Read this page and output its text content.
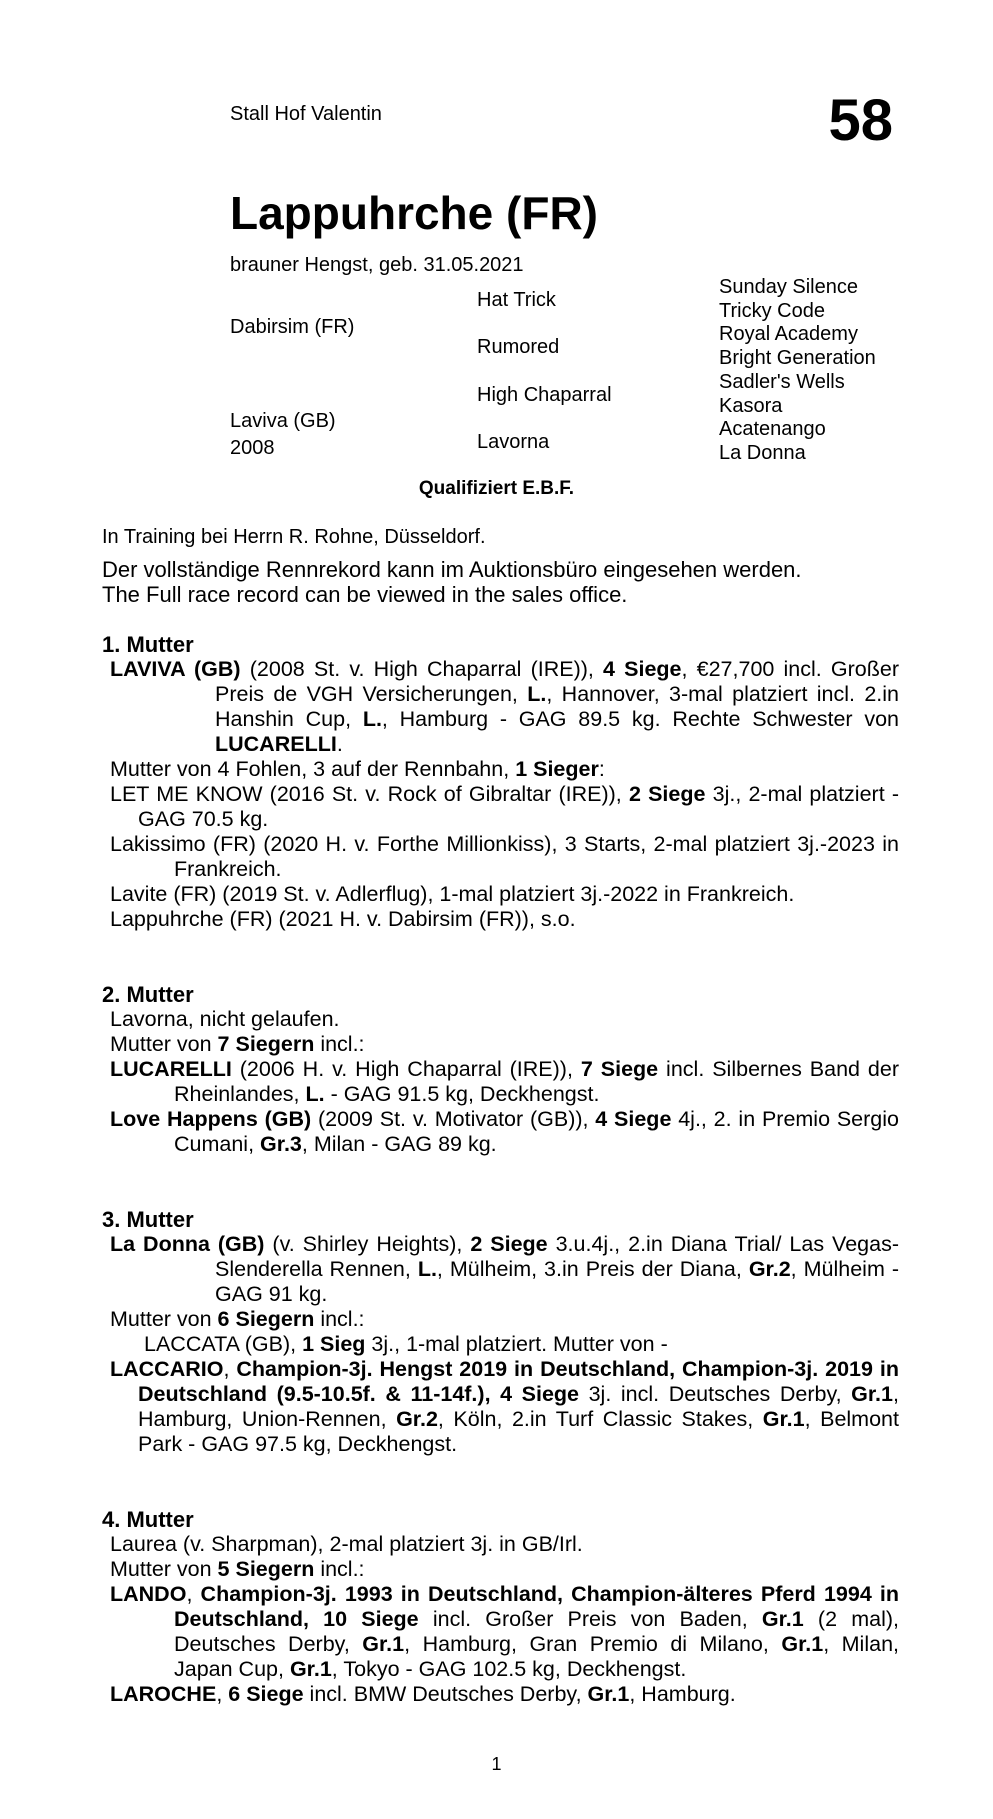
Stall Hof Valentin	58
Lappuhrche (FR)
brauner Hengst, geb. 31.05.2021
Dabirsim (FR)
Laviva (GB)
2008
Hat Trick
Rumored
High Chaparral
Lavorna
Sunday Silence
Tricky Code
Royal Academy
Bright Generation
Sadler's Wells
Kasora
Acatenango
La Donna
Qualifiziert E.B.F.
In Training bei Herrn R. Rohne, Düsseldorf.
Der vollständige Rennrekord kann im Auktionsbüro eingesehen werden.
The Full race record can be viewed in the sales office.
1. Mutter

LAVIVA (GB) (2008 St. v. High Chaparral (IRE)), 4 Siege, €27,700 incl. Großer Preis de VGH Versicherungen, L., Hannover, 3-mal platziert incl. 2.in Hanshin Cup, L., Hamburg - GAG 89.5 kg. Rechte Schwester von LUCARELLI.

Mutter von 4 Fohlen, 3 auf der Rennbahn, 1 Sieger:

LET ME KNOW (2016 St. v. Rock of Gibraltar (IRE)), 2 Siege 3j., 2-mal platziert - GAG 70.5 kg.

Lakissimo (FR) (2020 H. v. Forthe Millionkiss), 3 Starts, 2-mal platziert 3j.-2023 in Frankreich.

Lavite (FR) (2019 St. v. Adlerflug), 1-mal platziert 3j.-2022 in Frankreich.

Lappuhrche (FR) (2021 H. v. Dabirsim (FR)), s.o.

2. Mutter

Lavorna, nicht gelaufen.

Mutter von 7 Siegern incl.:

LUCARELLI (2006 H. v. High Chaparral (IRE)), 7 Siege incl. Silbernes Band der Rheinlandes, L. - GAG 91.5 kg, Deckhengst.

Love Happens (GB) (2009 St. v. Motivator (GB)), 4 Siege 4j., 2. in Premio Sergio Cumani, Gr.3, Milan - GAG 89 kg.

3. Mutter

La Donna (GB) (v. Shirley Heights), 2 Siege 3.u.4j., 2.in Diana Trial/ Las Vegas-Slenderella Rennen, L., Mülheim, 3.in Preis der Diana, Gr.2, Mülheim - GAG 91 kg.

Mutter von 6 Siegern incl.:

LACCATA (GB), 1 Sieg 3j., 1-mal platziert. Mutter von -

LACCARIO, Champion-3j. Hengst 2019 in Deutschland, Champion-3j. 2019 in Deutschland (9.5-10.5f. & 11-14f.), 4 Siege 3j. incl. Deutsches Derby, Gr.1, Hamburg, Union-Rennen, Gr.2, Köln, 2.in Turf Classic Stakes, Gr.1, Belmont Park - GAG 97.5 kg, Deckhengst.

4. Mutter

Laurea (v. Sharpman), 2-mal platziert 3j. in GB/Irl.

Mutter von 5 Siegern incl.:

LANDO, Champion-3j. 1993 in Deutschland, Champion-älteres Pferd 1994 in Deutschland, 10 Siege incl. Großer Preis von Baden, Gr.1 (2 mal), Deutsches Derby, Gr.1, Hamburg, Gran Premio di Milano, Gr.1, Milan, Japan Cup, Gr.1, Tokyo - GAG 102.5 kg, Deckhengst.

LAROCHE, 6 Siege incl. BMW Deutsches Derby, Gr.1, Hamburg.

1
